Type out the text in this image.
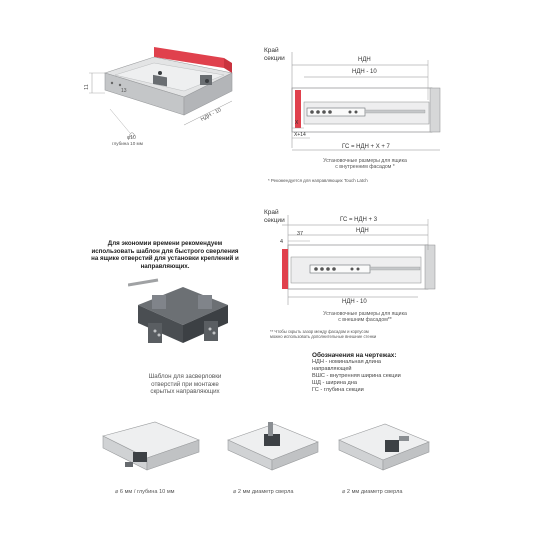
11
13
НДН - 10
φ10
глубина 10 мм
Край
секции	НДН
НДН - 10
X
X+14
ГС = НДН + X + 7
Установочные размеры для ящика
с внутренним фасадом *
* Рекомендуется для направляющих Touch Latch
Край
секции	ГС = НДН + 3
НДН
37
4
НДН - 10
Установочные размеры для ящика
с внешним фасадом**
** Чтобы скрыть зазор между фасадом и корпусом
можно использовать дополнительные внешние стенки
Для экономии времени рекомендуем
использовать шаблон для быстрого сверления
на ящике отверстий для установки креплений и
направляющих.
Шаблон для засверловки
отверстий при монтаже
скрытых направляющих
Обозначения на чертежах:
НДН - номинальная длина
направляющей
ВШС - внутренняя ширина секции
ШД - ширина дна
ГС - глубина секции
⌀ 6 мм / глубина 10 мм	⌀ 2 мм диаметр сверла	⌀ 2 мм диаметр сверла
